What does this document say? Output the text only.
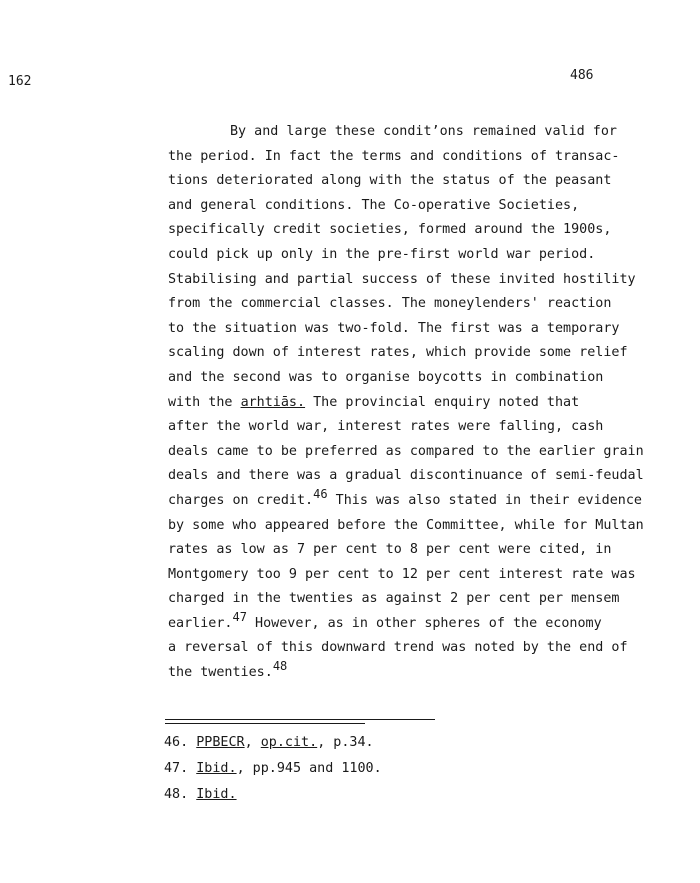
162	486
By and large these condit’ons remained valid for
the period. In fact the terms and conditions of transac-
tions deteriorated along with the status of the peasant
and general conditions. The Co-operative Societies,
specifically credit societies, formed around the 1900s,
could pick up only in the pre-first world war period.
Stabilising and partial success of these invited hostility
from the commercial classes. The moneylenders' reaction
to the situation was two-fold. The first was a temporary
scaling down of interest rates, which provide some relief
and the second was to organise boycotts in combination
with the arhtiās. The provincial enquiry noted that
after the world war, interest rates were falling, cash
deals came to be preferred as compared to the earlier grain
deals and there was a gradual discontinuance of semi-feudal
charges on credit.$^{46}$ This was also stated in their evidence
by some who appeared before the Committee, while for Multan
rates as low as 7 per cent to 8 per cent were cited, in
Montgomery too 9 per cent to 12 per cent interest rate was
charged in the twenties as against 2 per cent per mensem
earlier.$^{47}$ However, as in other spheres of the economy
a reversal of this downward trend was noted by the end of
the twenties.$^{48}$
46. PPBECR, op.cit., p.34.
47. Ibid., pp.945 and 1100.
48. Ibid.
